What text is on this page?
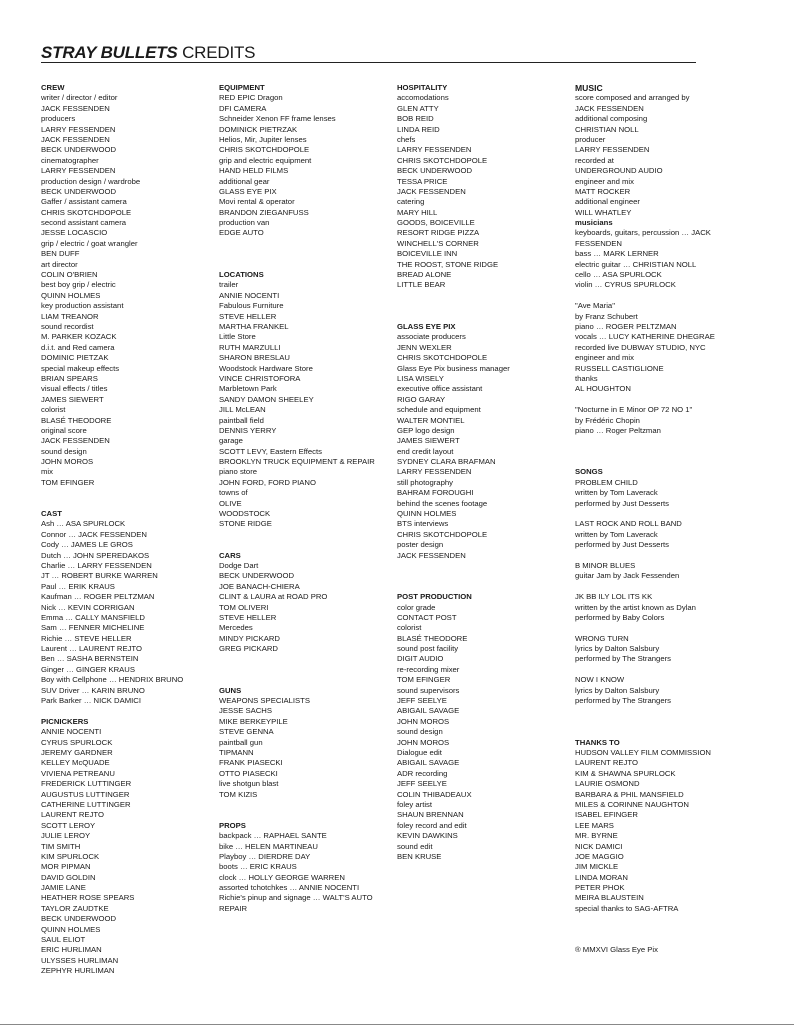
STRAY BULLETS CREDITS
CREW
writer / director / editor
JACK FESSENDEN
producers
LARRY FESSENDEN
JACK FESSENDEN
BECK UNDERWOOD
cinematographer
LARRY FESSENDEN
production design / wardrobe
BECK UNDERWOOD
Gaffer / assistant camera
CHRIS SKOTCHDOPOLE
second assistant camera
JESSE LOCASCIO
grip / electric / goat wrangler
BEN DUFF
art director
COLIN O'BRIEN
best boy grip / electric
QUINN HOLMES
key production assistant
LIAM TREANOR
sound recordist
M. PARKER KOZACK
d.i.t. and Red camera
DOMINIC PIETZAK
special makeup effects
BRIAN SPEARS
visual effects / titles
JAMES SIEWERT
colorist
BLASÉ THEODORE
original score
JACK FESSENDEN
sound design
JOHN MOROS
mix
TOM EFINGER
CAST
Ash … ASA SPURLOCK
Connor … JACK FESSENDEN
Cody … JAMES LE GROS
Dutch … JOHN SPEREDAKOS
Charlie … LARRY FESSENDEN
JT … ROBERT BURKE WARREN
Paul … ERIK KRAUS
Kaufman … ROGER PELTZMAN
Nick … KEVIN CORRIGAN
Emma … CALLY MANSFIELD
Sam … FENNER MICHELINE
Richie … STEVE HELLER
Laurent … LAURENT REJTO
Ben … SASHA BERNSTEIN
Ginger … GINGER KRAUS
Boy with Cellphone … HENDRIX BRUNO
SUV Driver … KARIN BRUNO
Park Barker … NICK DAMICI
PICNICKERS
ANNIE NOCENTI
CYRUS SPURLOCK
JEREMY GARDNER
KELLEY McQUADE
VIVIENA PETREANU
FREDERICK LUTTINGER
AUGUSTUS LUTTINGER
CATHERINE LUTTINGER
LAURENT REJTO
SCOTT LEROY
JULIE LEROY
TIM SMITH
KIM SPURLOCK
MOR PIPMAN
DAVID GOLDIN
JAMIE LANE
HEATHER ROSE SPEARS
TAYLOR ZAUDTKE
BECK UNDERWOOD
QUINN HOLMES
SAUL ELIOT
ERIC HURLIMAN
ULYSSES HURLIMAN
ZEPHYR HURLIMAN
EQUIPMENT
RED EPIC Dragon
DFI CAMERA
Schneider Xenon FF frame lenses
DOMINICK PIETRZAK
Helios, Mir, Jupiter lenses
CHRIS SKOTCHDOPOLE
grip and electric equipment
HAND HELD FILMS
additional gear
GLASS EYE PIX
Movi rental & operator
BRANDON ZIEGANFUSS
production van
EDGE AUTO
LOCATIONS
trailer
ANNIE NOCENTI
Fabulous Furniture
STEVE HELLER
MARTHA FRANKEL
Little Store
RUTH MARZULLI
SHARON BRESLAU
Woodstock Hardware Store
VINCE CHRISTOFORA
Marbletown Park
SANDY DAMON SHEELEY
JILL McLEAN
paintball field
DENNIS YERRY
garage
SCOTT LEVY, Eastern Effects
BROOKLYN TRUCK EQUIPMENT & REPAIR
piano store
JOHN FORD, FORD PIANO
towns of
OLIVE
WOODSTOCK
STONE RIDGE
CARS
Dodge Dart
BECK UNDERWOOD
JOE BANACH-CHIERA
CLINT & LAURA at ROAD PRO
TOM OLIVERI
STEVE HELLER
Mercedes
MINDY PICKARD
GREG PICKARD
GUNS
WEAPONS SPECIALISTS
JESSE SACHS
MIKE BERKEYPILE
STEVE GENNA
paintball gun
TIPMANN
FRANK PIASECKI
OTTO PIASECKI
live shotgun blast
TOM KIZIS
PROPS
backpack … RAPHAEL SANTE
bike … HELEN MARTINEAU
Playboy … DIERDRE DAY
boots … ERIC KRAUS
clock … HOLLY GEORGE WARREN
assorted tchotchkes … ANNIE NOCENTI
Richie's pinup and signage … WALT'S AUTO
REPAIR
HOSPITALITY
accomodations
GLEN ATTY
BOB REID
LINDA REID
chefs
LARRY FESSENDEN
CHRIS SKOTCHDOPOLE
BECK UNDERWOOD
TESSA PRICE
JACK FESSENDEN
catering
MARY HILL
GOODS, BOICEVILLE
RESORT RIDGE PIZZA
WINCHELL'S CORNER
BOICEVILLE INN
THE ROOST, STONE RIDGE
BREAD ALONE
LITTLE BEAR
GLASS EYE PIX
associate producers
JENN WEXLER
CHRIS SKOTCHDOPOLE
Glass Eye Pix business manager
LISA WISELY
executive office assistant
RIGO GARAY
schedule and equipment
WALTER MONTIEL
GEP logo design
JAMES SIEWERT
end credit layout
SYDNEY CLARA BRAFMAN
LARRY FESSENDEN
still photography
BAHRAM FOROUGHI
behind the scenes footage
QUINN HOLMES
BTS interviews
CHRIS SKOTCHDOPOLE
poster design
JACK FESSENDEN
POST PRODUCTION
color grade
CONTACT POST
colorist
BLASÉ THEODORE
sound post facility
DIGIT AUDIO
re-recording mixer
TOM EFINGER
sound supervisors
JEFF SEELYE
ABIGAIL SAVAGE
JOHN MOROS
sound design
JOHN MOROS
Dialogue edit
ABIGAIL SAVAGE
ADR recording
JEFF SEELYE
COLIN THIBADEAUX
foley artist
SHAUN BRENNAN
foley record and edit
KEVIN DAWKINS
sound edit
BEN KRUSE
MUSIC
score composed and arranged by
JACK FESSENDEN
additional composing
CHRISTIAN NOLL
producer
LARRY FESSENDEN
recorded at
UNDERGROUND AUDIO
engineer and mix
MATT ROCKER
additional engineer
WILL WHATLEY
musicians
keyboards, guitars, percussion … JACK
FESSENDEN
bass … MARK LERNER
electric guitar … CHRISTIAN NOLL
cello … ASA SPURLOCK
violin … CYRUS SPURLOCK
"Ave Maria"
by Franz Schubert
piano … ROGER PELTZMAN
vocals … LUCY KATHERINE DHEGRAE
recorded live DUBWAY STUDIO, NYC
engineer and mix
RUSSELL CASTIGLIONE
thanks
AL HOUGHTON
"Nocturne in E Minor OP 72 NO 1"
by Frédéric Chopin
piano … Roger Peltzman
SONGS
PROBLEM CHILD
written by Tom Laverack
performed by Just Desserts
LAST ROCK AND ROLL BAND
written by Tom Laverack
performed by Just Desserts
B MINOR BLUES
guitar Jam by Jack Fessenden
JK BB ILY LOL ITS KK
written by the artist known as Dylan
performed by Baby Colors
WRONG TURN
lyrics by Dalton Salsbury
performed by The Strangers
NOW I KNOW
lyrics by Dalton Salsbury
performed by The Strangers
THANKS TO
HUDSON VALLEY FILM COMMISSION
LAURENT REJTO
KIM & SHAWNA SPURLOCK
LAURIE OSMOND
BARBARA & PHIL MANSFIELD
MILES & CORINNE NAUGHTON
ISABEL EFINGER
LEE MARS
MR. BYRNE
NICK DAMICI
JOE MAGGIO
JIM MICKLE
LINDA MORAN
PETER PHOK
MEIRA BLAUSTEIN
special thanks to SAG-AFTRA
® MMXVI Glass Eye Pix
